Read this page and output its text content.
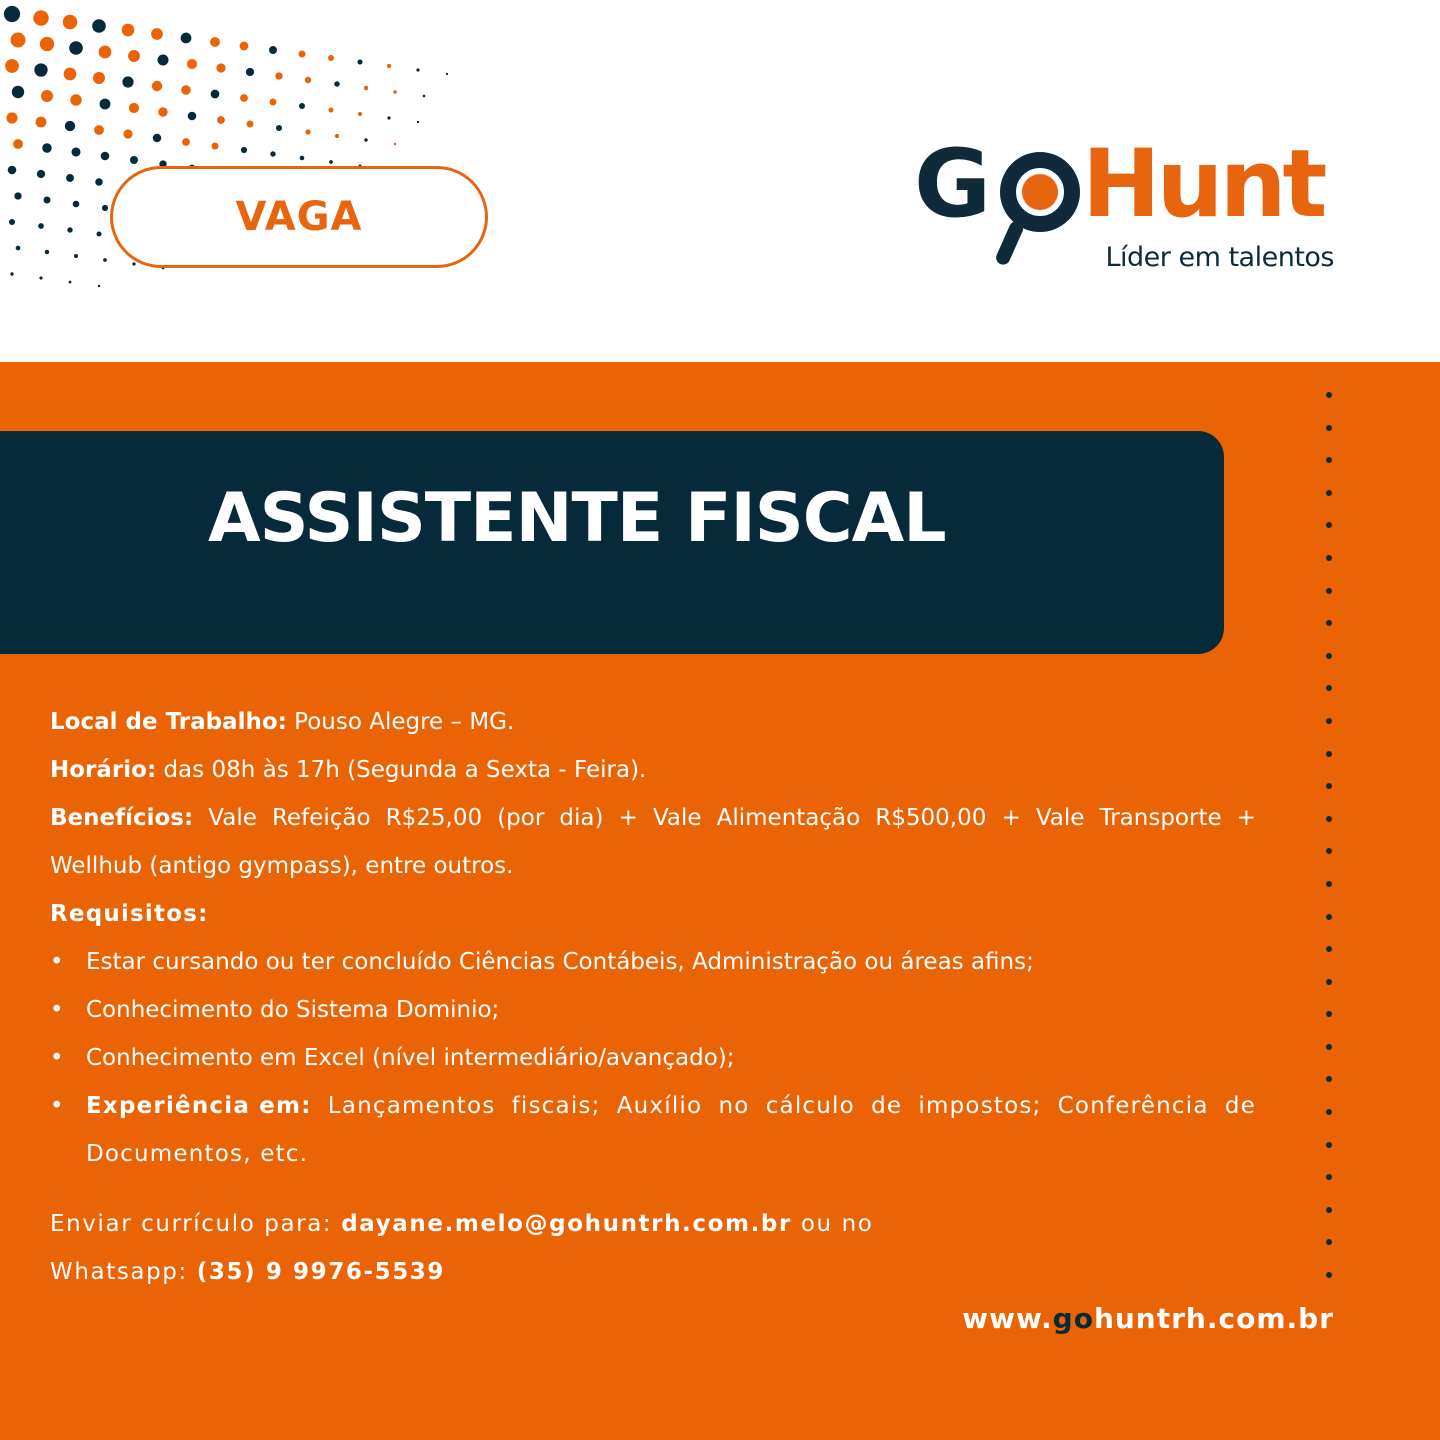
VAGA	G Hunt
Líder em talentos
ASSISTENTE FISCAL
Local de Trabalho: Pouso Alegre – MG.
Horário: das 08h às 17h (Segunda a Sexta - Feira).
Benefícios: Vale Refeição R$25,00 (por dia) + Vale Alimentação R$500,00 + Vale Transporte +
Wellhub (antigo gympass), entre outros.
Requisitos:
• Estar cursando ou ter concluído Ciências Contábeis, Administração ou áreas afins;
• Conhecimento do Sistema Dominio;
• Conhecimento em Excel (nível intermediário/avançado);
• Experiência em: Lançamentos fiscais; Auxílio no cálculo de impostos; Conferência de
Documentos, etc.
Enviar currículo para: dayane.melo@gohuntrh.com.br ou no
Whatsapp: (35) 9 9976-5539
www.gohuntrh.com.br
